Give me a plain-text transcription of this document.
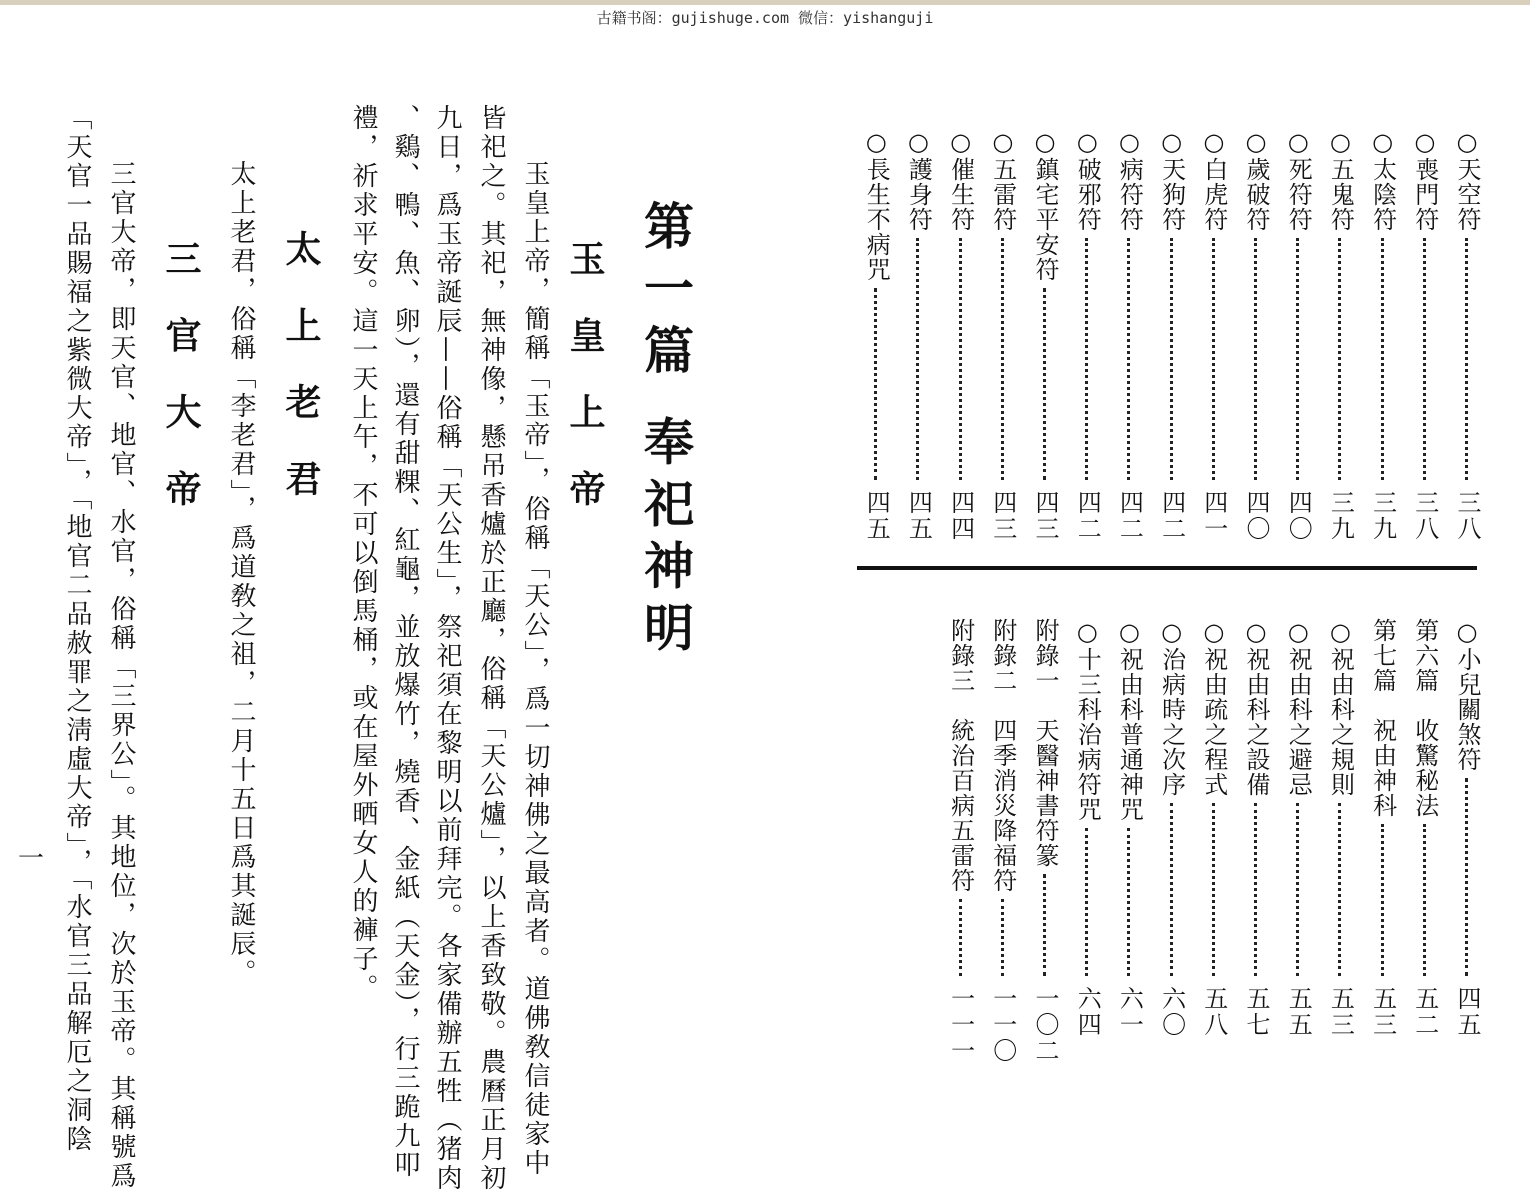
古籍书阁：gujishuge.com 微信：yishanguji
第一篇 奉祀神明
玉 皇 上 帝
玉皇上帝，簡稱「玉帝」，俗稱「天公」，爲一切神佛之最高者。道佛敎信徒家中
皆祀之。其祀，無神像，懸吊香爐於正廳，俗稱「天公爐」，以上香致敬。農曆正月初
九日，爲玉帝誕辰——俗稱「天公生」，祭祀須在黎明以前拜完。各家備辦五牲（猪肉
、鷄、鴨、魚、卵），還有甜粿、紅龜，並放爆竹，燒香、金紙（天金），行三跪九叩
禮，祈求平安。這一天上午，不可以倒馬桶，或在屋外晒女人的褲子。
太 上 老 君
太上老君，俗稱「李老君」，爲道敎之祖，二月十五日爲其誕辰。
三 官 大 帝
三官大帝，即天官、地官、水官，俗稱「三界公」。其地位，次於玉帝。其稱號爲
「天官一品賜福之紫微大帝」，「地官二品赦罪之淸虛大帝」，「水官三品解厄之洞陰
一
三八
○天空符
三八
○喪門符
三九
○太陰符
三九
○五鬼符
四〇
○死符符
四〇
○歲破符
四一
○白虎符
四二
○天狗符
四二
○病符符
四二
○破邪符
四三
○鎮宅平安符
四三
○五雷符
四四
○催生符
四五
○護身符
四五
○長生不病咒
四五
○小兒關煞符
五二
第六篇　收驚秘法
五三
第七篇　祝由神科
五三
○祝由科之規則
五五
○祝由科之避忌
五七
○祝由科之設備
五八
○祝由疏之程式
六〇
○治病時之次序
六一
○祝由科普通神咒
六四
○十三科治病符咒
一〇二
附錄一　天醫神書符篆
一一〇
附錄二　四季消災降福符
一一一
附錄三　統治百病五雷符
